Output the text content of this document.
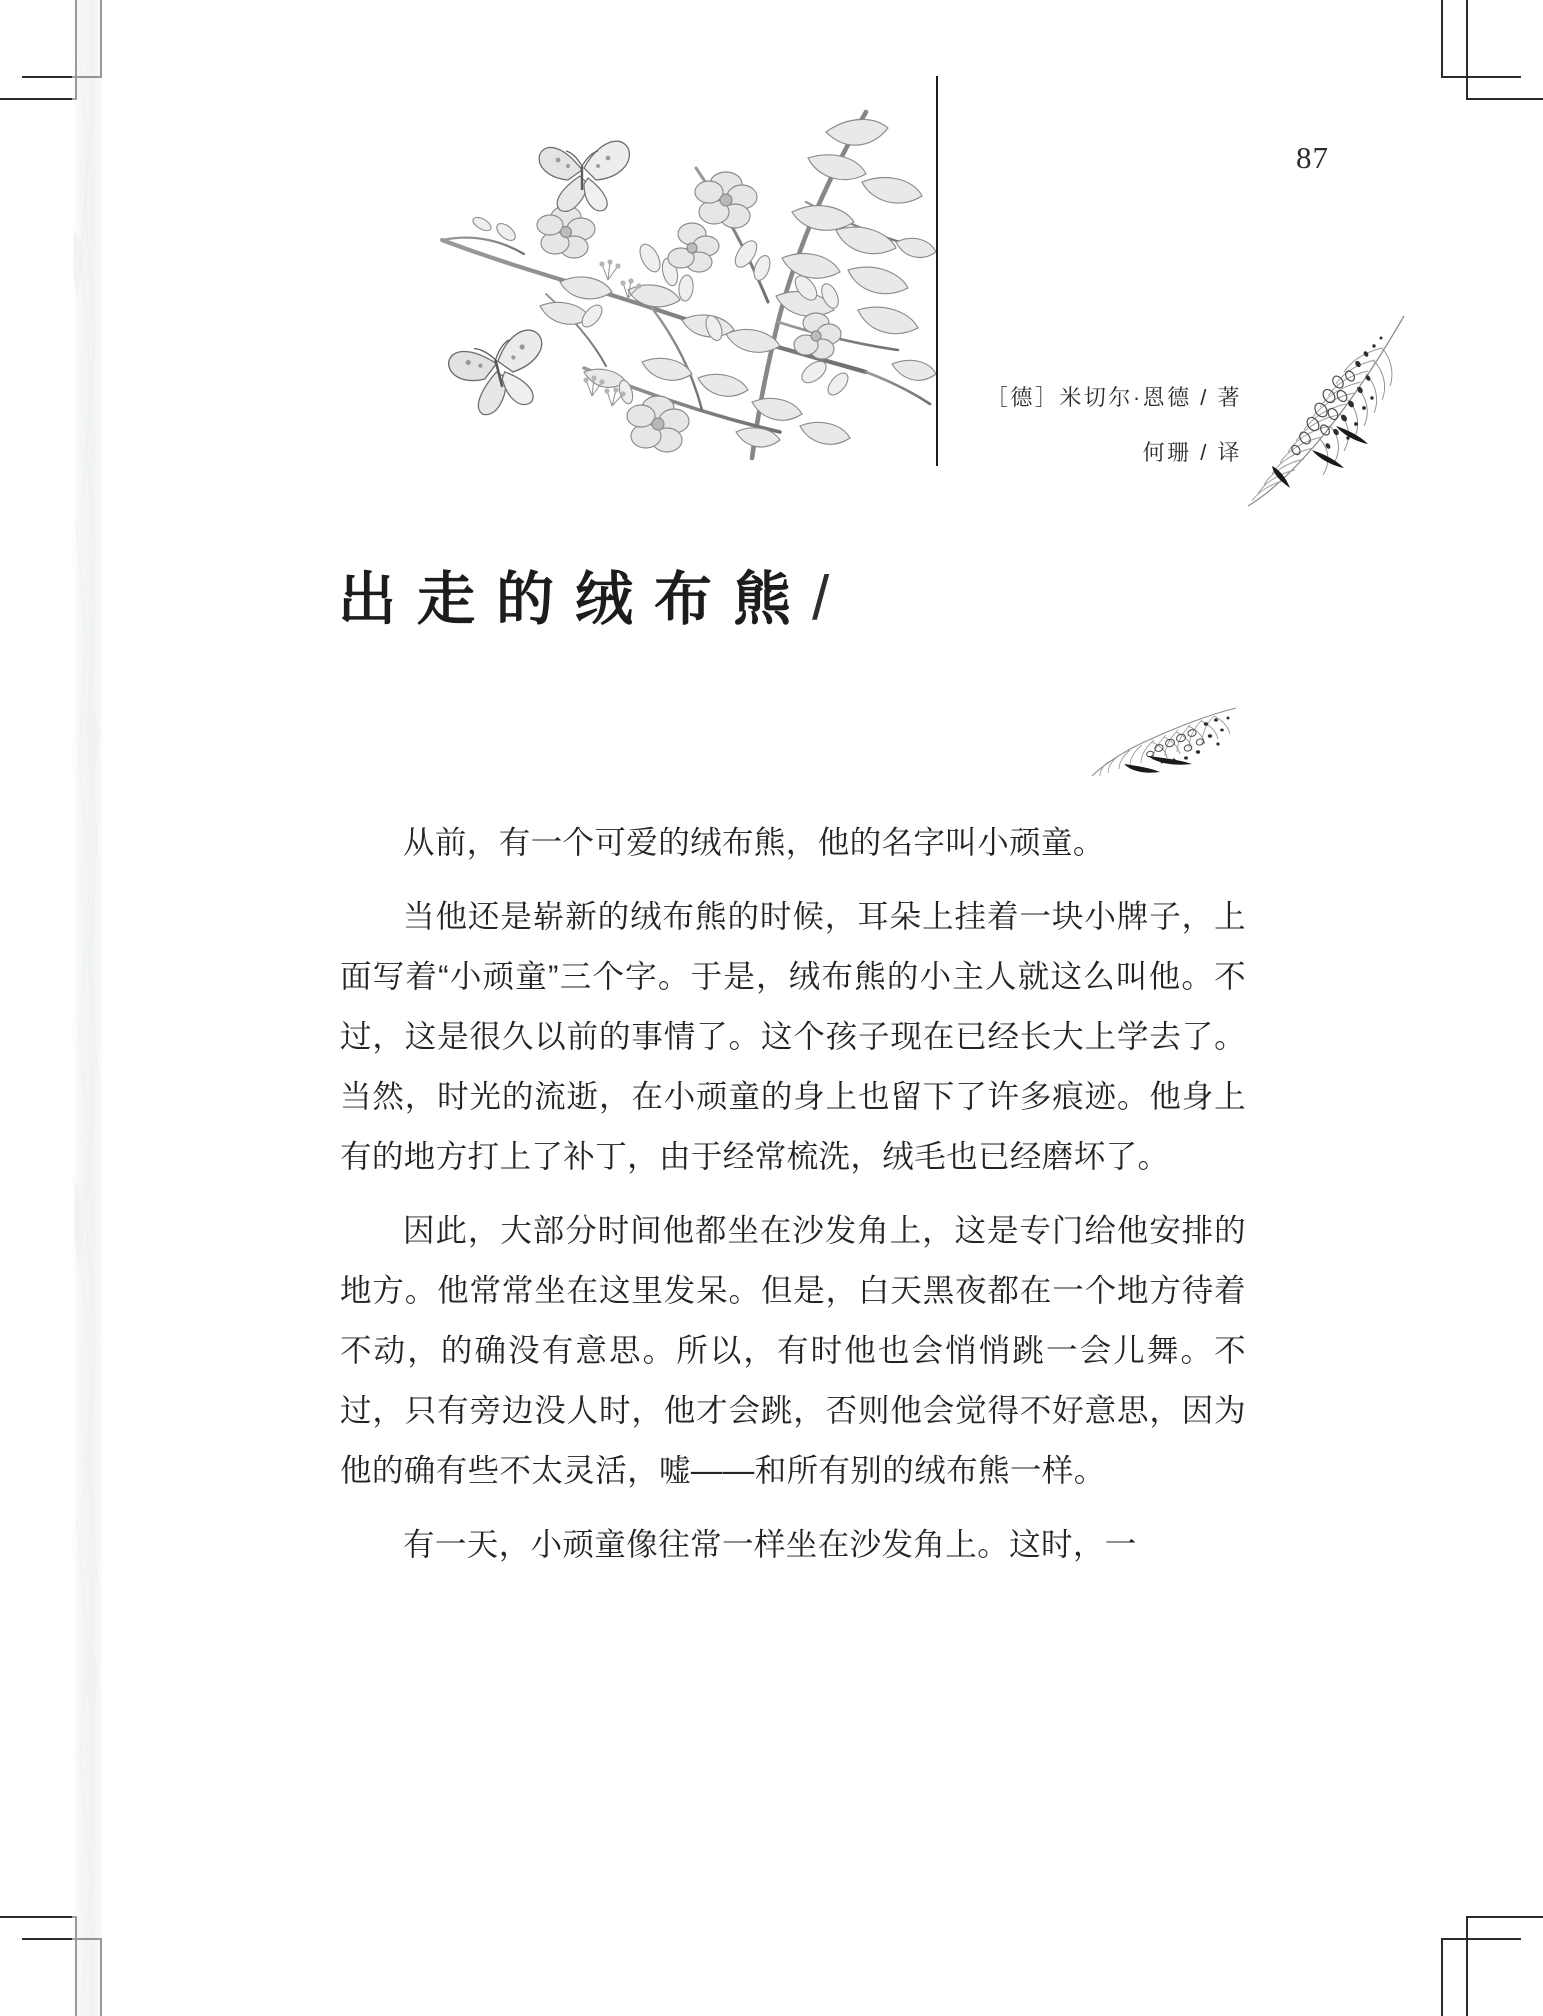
87
［德］米切尔·恩德 / 著
何珊 / 译
出走的绒布熊/

从前，有一个可爱的绒布熊，他的名字叫小顽童。

当他还是崭新的绒布熊的时候，耳朵上挂着一块小牌子，上面写着“小顽童”三个字。于是，绒布熊的小主人就这么叫他。不过，这是很久以前的事情了。这个孩子现在已经长大上学去了。当然，时光的流逝，在小顽童的身上也留下了许多痕迹。他身上有的地方打上了补丁，由于经常梳洗，绒毛也已经磨坏了。

因此，大部分时间他都坐在沙发角上，这是专门给他安排的地方。他常常坐在这里发呆。但是，白天黑夜都在一个地方待着不动，的确没有意思。所以，有时他也会悄悄跳一会儿舞。不过，只有旁边没人时，他才会跳，否则他会觉得不好意思，因为他的确有些不太灵活，嘘——和所有别的绒布熊一样。

有一天，小顽童像往常一样坐在沙发角上。这时，一
